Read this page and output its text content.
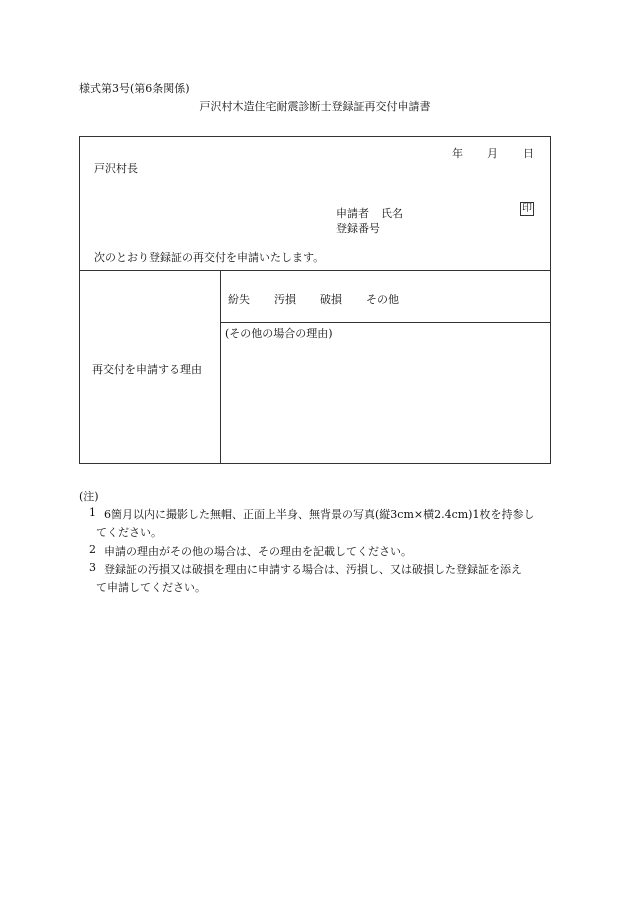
様式第3号(第6条関係)
戸沢村木造住宅耐震診断士登録証再交付申請書
年 月 日
戸沢村長
申請者 氏名
登録番号
印
次のとおり登録証の再交付を申請いたします。
再交付を申請する理由
紛失 汚損 破損 その他
(その他の場合の理由)
(注)
1 6箇月以内に撮影した無帽、正面上半身、無背景の写真(縦3cm×横2.4cm)1枚を持参し
てください。
2 申請の理由がその他の場合は、その理由を記載してください。
3 登録証の汚損又は破損を理由に申請する場合は、汚損し、又は破損した登録証を添え
て申請してください。
